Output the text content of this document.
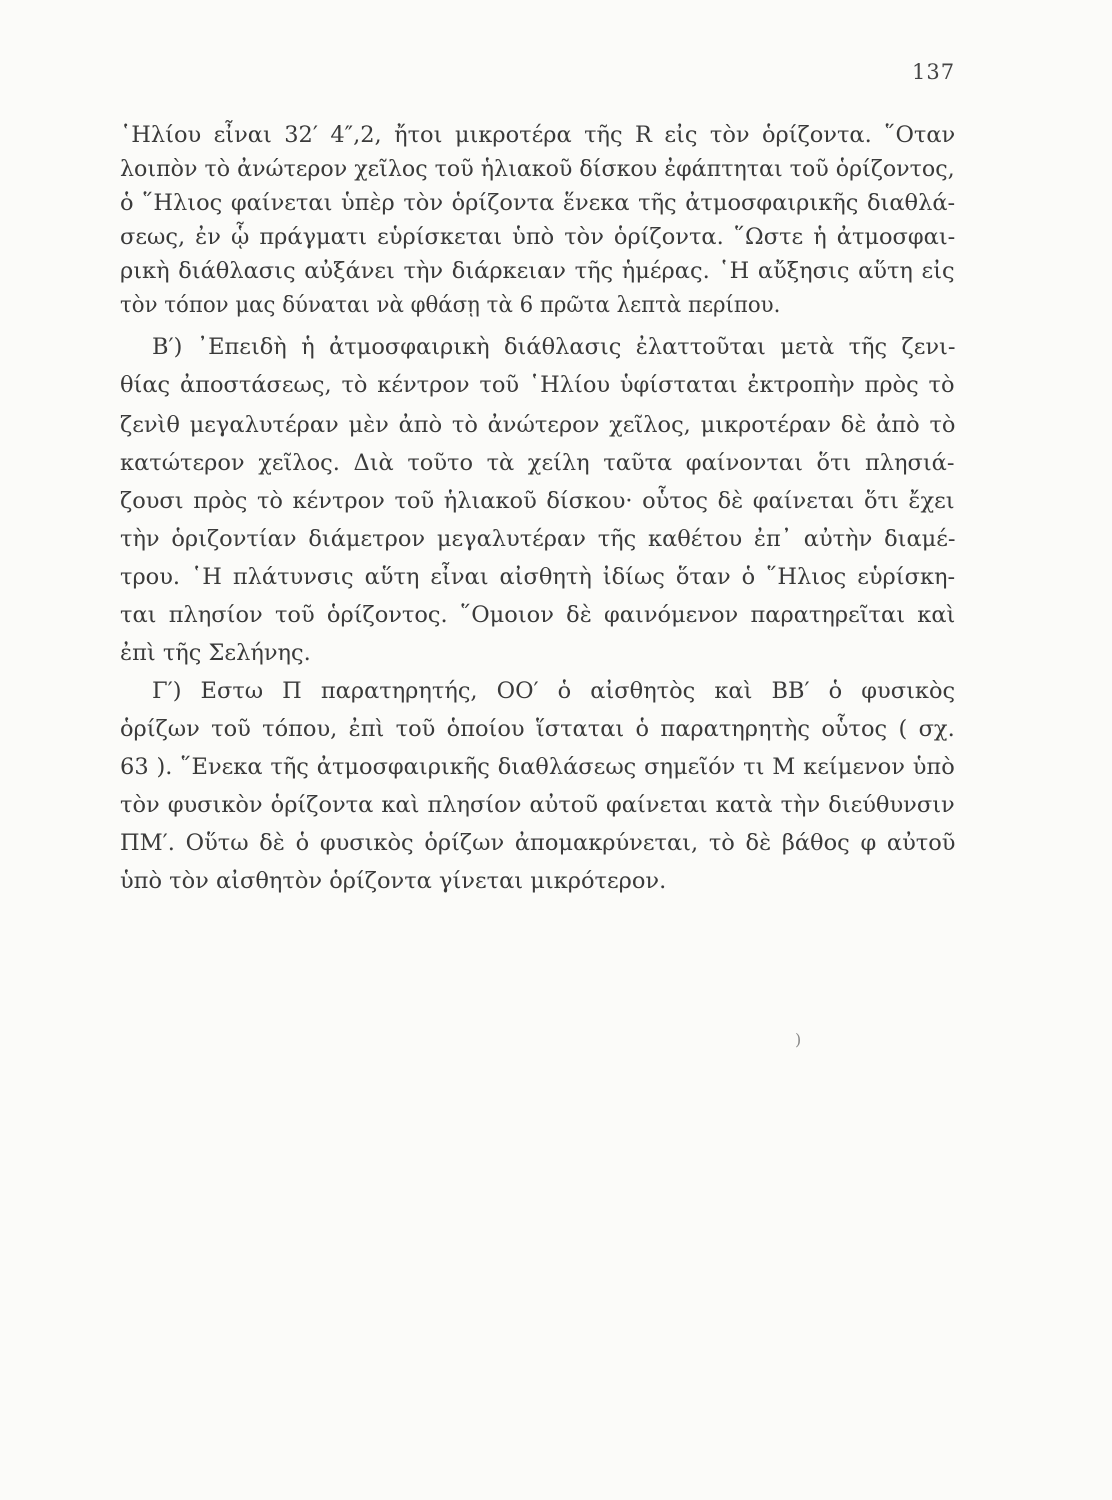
137
῾Ηλίου εἶναι 32′ 4″,2, ἤτοι μικροτέρα τῆς R εἰς τὸν ὁρίζοντα. ῞Οταν
λοιπὸν τὸ ἀνώτερον χεῖλος τοῦ ἡλιακοῦ δίσκου ἐφάπτηται τοῦ ὁρίζοντος,
ὁ ῞Ηλιος φαίνεται ὑπὲρ τὸν ὁρίζοντα ἕνεκα τῆς ἀτμοσφαιρικῆς διαθλά-
σεως, ἐν ᾧ πράγματι εὑρίσκεται ὑπὸ τὸν ὁρίζοντα. ῞Ωστε ἡ ἀτμοσφαι-
ρικὴ διάθλασις αὐξάνει τὴν διάρκειαν τῆς ἡμέρας. ῾Η αὔξησις αὕτη εἰς
τὸν τόπον μας δύναται νὰ φθάσῃ τὰ 6 πρῶτα λεπτὰ περίπου.
Β′) ᾿Επειδὴ ἡ ἀτμοσφαιρικὴ διάθλασις ἐλαττοῦται μετὰ τῆς ζενι-
θίας ἀποστάσεως, τὸ κέντρον τοῦ ῾Ηλίου ὑφίσταται ἐκτροπὴν πρὸς τὸ
ζενὶθ μεγαλυτέραν μὲν ἀπὸ τὸ ἀνώτερον χεῖλος, μικροτέραν δὲ ἀπὸ τὸ
κατώτερον χεῖλος. Διὰ τοῦτο τὰ χείλη ταῦτα φαίνονται ὅτι πλησιά-
ζουσι πρὸς τὸ κέντρον τοῦ ἡλιακοῦ δίσκου· οὗτος δὲ φαίνεται ὅτι ἔχει
τὴν ὁριζοντίαν διάμετρον μεγαλυτέραν τῆς καθέτου ἐπ᾿ αὐτὴν διαμέ-
τρου. ῾Η πλάτυνσις αὕτη εἶναι αἰσθητὴ ἰδίως ὅταν ὁ ῞Ηλιος εὑρίσκη-
ται πλησίον τοῦ ὁρίζοντος. ῞Ομοιον δὲ φαινόμενον παρατηρεῖται καὶ
ἐπὶ τῆς Σελήνης.
Γ′) Εστω Π παρατηρητής, ΟΟ′ ὁ αἰσθητὸς καὶ ΒΒ′ ὁ φυσικὸς
ὁρίζων τοῦ τόπου, ἐπὶ τοῦ ὁποίου ἵσταται ὁ παρατηρητὴς οὗτος ( σχ.
63 ). ῞Ενεκα τῆς ἀτμοσφαιρικῆς διαθλάσεως σημεῖόν τι Μ κείμενον ὑπὸ
τὸν φυσικὸν ὁρίζοντα καὶ πλησίον αὐτοῦ φαίνεται κατὰ τὴν διεύθυνσιν
ΠΜ′. Οὕτω δὲ ὁ φυσικὸς ὁρίζων ἀπομακρύνεται, τὸ δὲ βάθος φ αὐτοῦ
ὑπὸ τὸν αἰσθητὸν ὁρίζοντα γίνεται μικρότερον.
)
